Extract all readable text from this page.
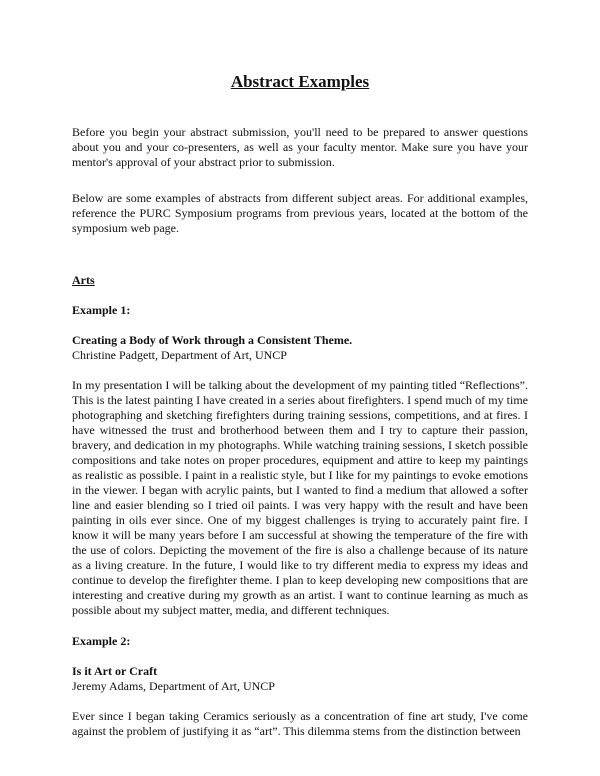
Abstract Examples

Before you begin your abstract submission, you'll need to be prepared to answer questions about you and your co-presenters, as well as your faculty mentor. Make sure you have your mentor's approval of your abstract prior to submission.

Below are some examples of abstracts from different subject areas. For additional examples, reference the PURC Symposium programs from previous years, located at the bottom of the symposium web page.

Arts

Example 1:

Creating a Body of Work through a Consistent Theme.

Christine Padgett, Department of Art, UNCP

In my presentation I will be talking about the development of my painting titled “Reflections”. This is the latest painting I have created in a series about firefighters. I spend much of my time photographing and sketching firefighters during training sessions, competitions, and at fires. I have witnessed the trust and brotherhood between them and I try to capture their passion, bravery, and dedication in my photographs. While watching training sessions, I sketch possible compositions and take notes on proper procedures, equipment and attire to keep my paintings as realistic as possible. I paint in a realistic style, but I like for my paintings to evoke emotions in the viewer. I began with acrylic paints, but I wanted to find a medium that allowed a softer line and easier blending so I tried oil paints. I was very happy with the result and have been painting in oils ever since. One of my biggest challenges is trying to accurately paint fire. I know it will be many years before I am successful at showing the temperature of the fire with the use of colors. Depicting the movement of the fire is also a challenge because of its nature as a living creature. In the future, I would like to try different media to express my ideas and continue to develop the firefighter theme. I plan to keep developing new compositions that are interesting and creative during my growth as an artist. I want to continue learning as much as possible about my subject matter, media, and different techniques.

Example 2:

Is it Art or Craft

Jeremy Adams, Department of Art, UNCP

Ever since I began taking Ceramics seriously as a concentration of fine art study, I've come against the problem of justifying it as “art”. This dilemma stems from the distinction between
